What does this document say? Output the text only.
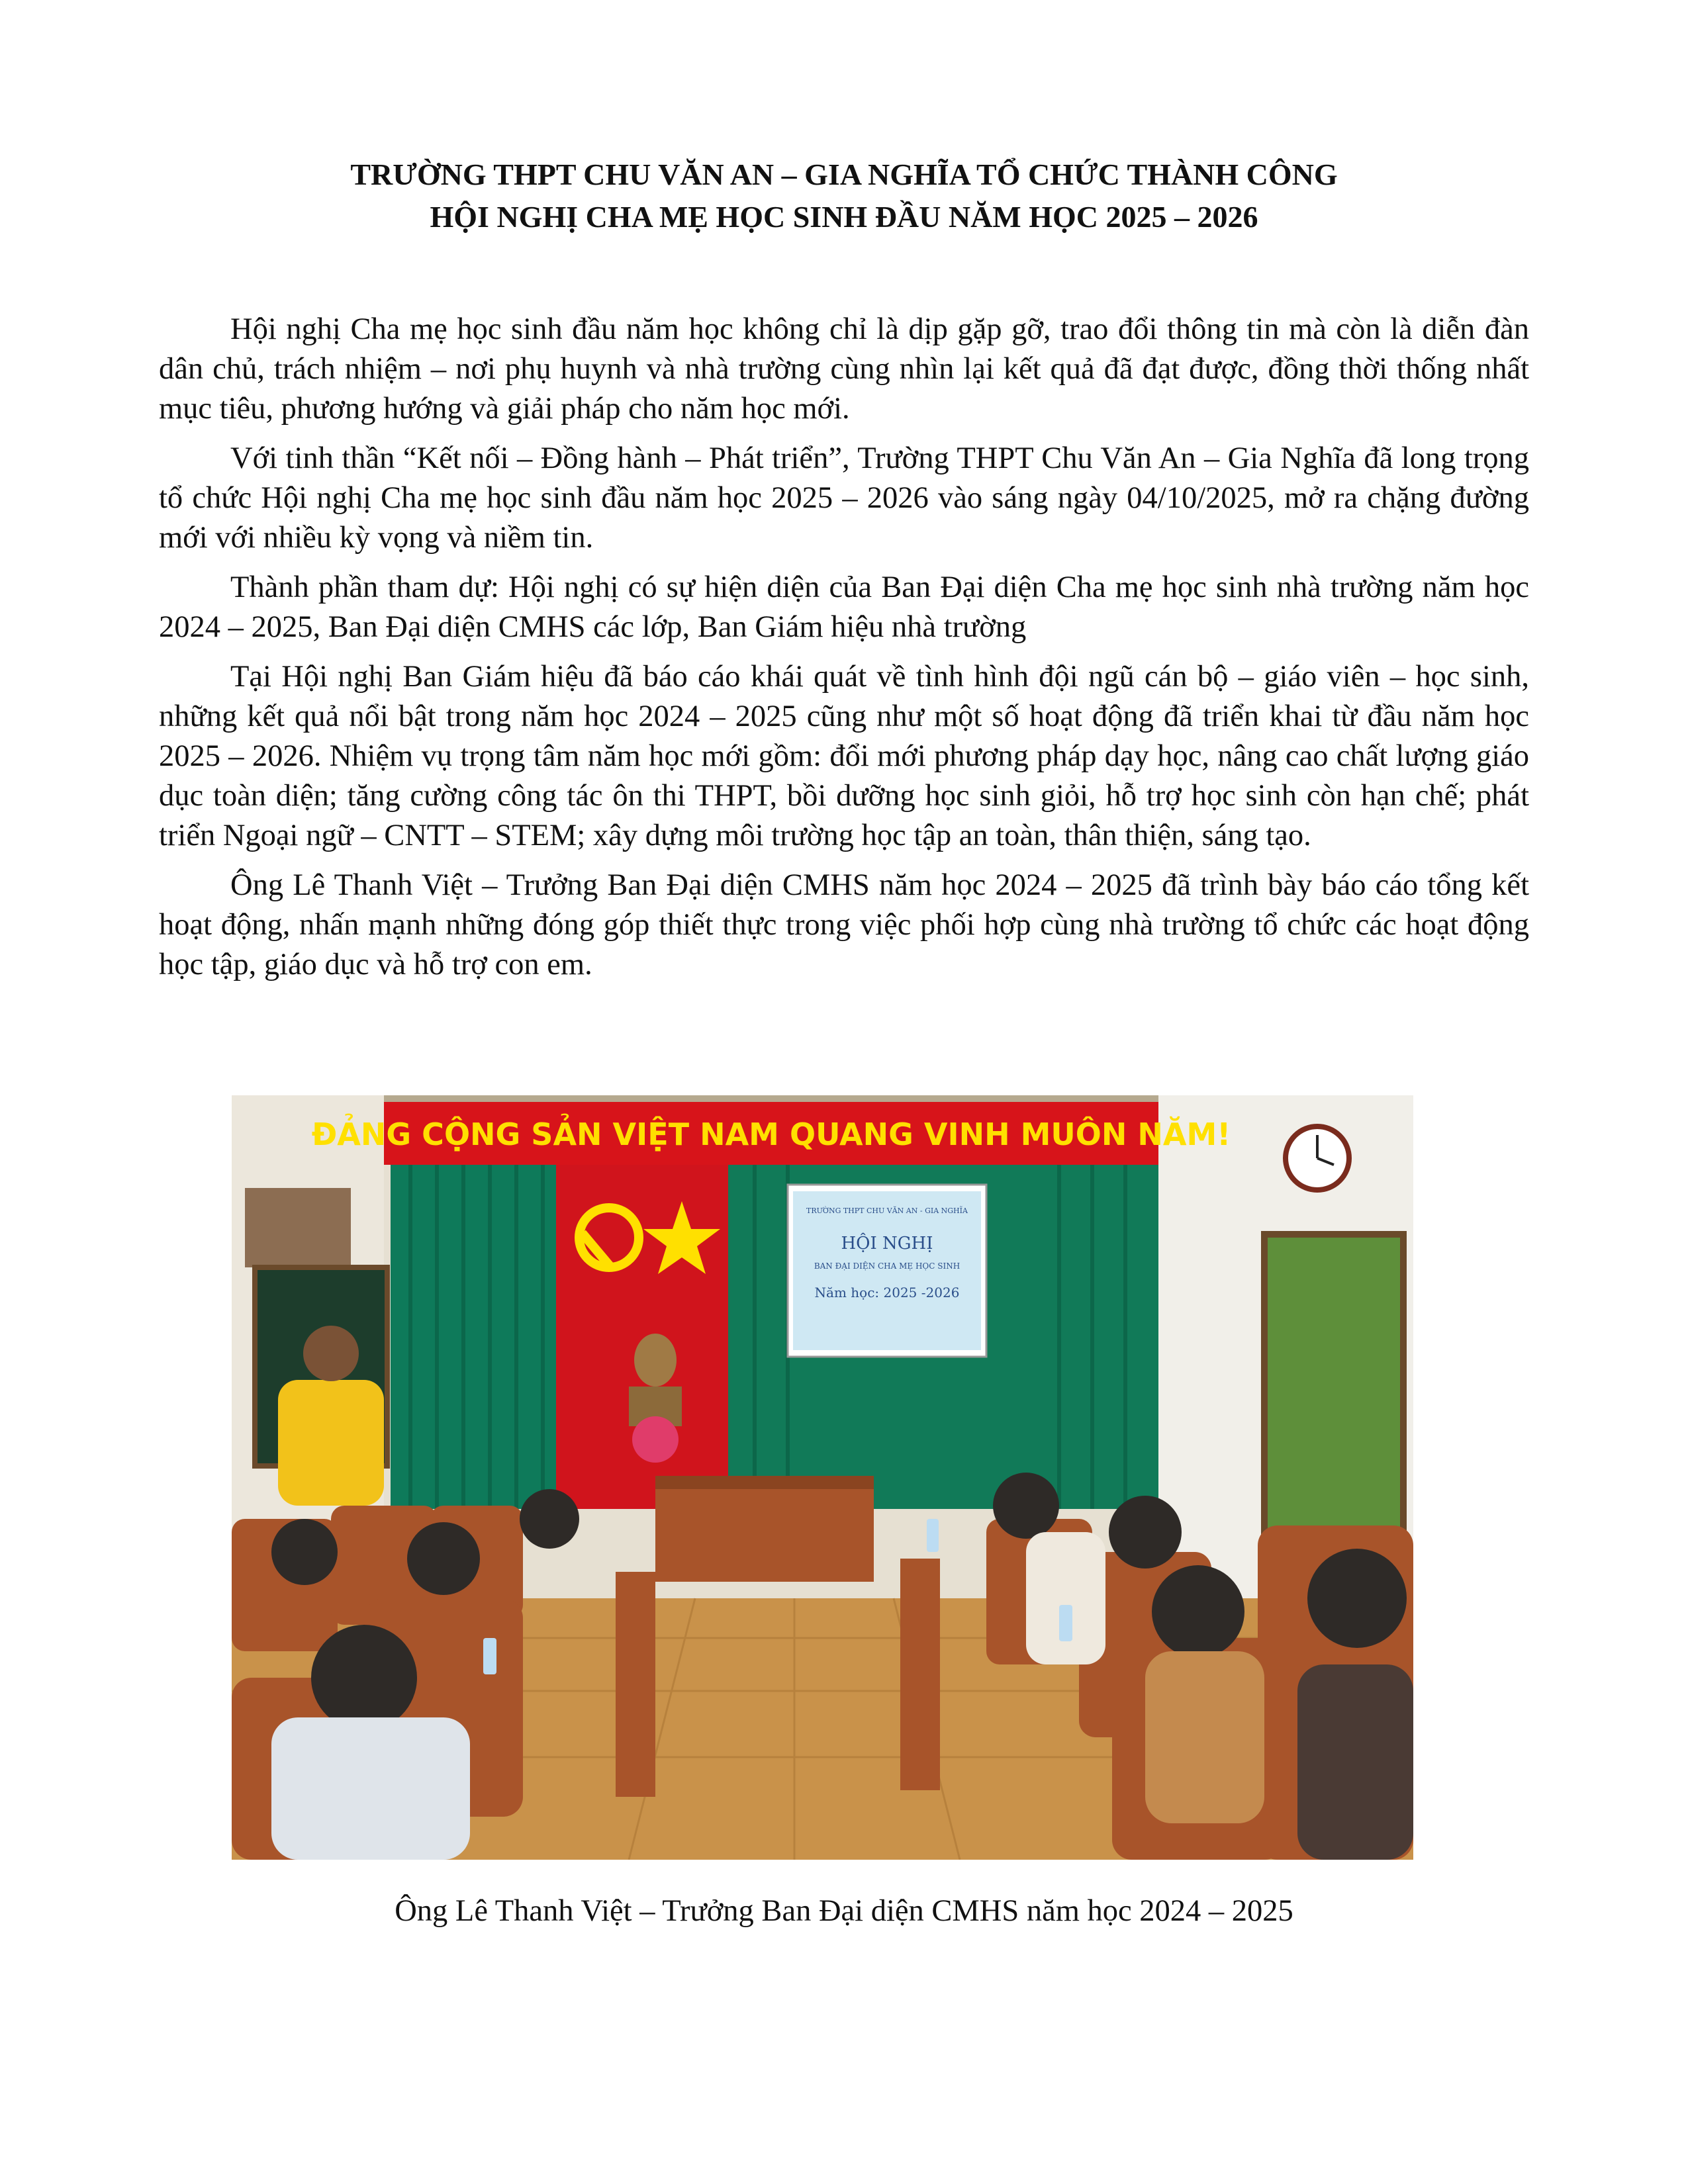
TRƯỜNG THPT CHU VĂN AN – GIA NGHĨA TỔ CHỨC THÀNH CÔNG
HỘI NGHỊ CHA MẸ HỌC SINH ĐẦU NĂM HỌC 2025 – 2026

Hội nghị Cha mẹ học sinh đầu năm học không chỉ là dịp gặp gỡ, trao đổi thông tin mà còn là diễn đàn dân chủ, trách nhiệm – nơi phụ huynh và nhà trường cùng nhìn lại kết quả đã đạt được, đồng thời thống nhất mục tiêu, phương hướng và giải pháp cho năm học mới.

Với tinh thần “Kết nối – Đồng hành – Phát triển”, Trường THPT Chu Văn An – Gia Nghĩa đã long trọng tổ chức Hội nghị Cha mẹ học sinh đầu năm học 2025 – 2026 vào sáng ngày 04/10/2025, mở ra chặng đường mới với nhiều kỳ vọng và niềm tin.

Thành phần tham dự: Hội nghị có sự hiện diện của Ban Đại diện Cha mẹ học sinh nhà trường năm học 2024 – 2025, Ban Đại diện CMHS các lớp, Ban Giám hiệu nhà trường

Tại Hội nghị Ban Giám hiệu đã báo cáo khái quát về tình hình đội ngũ cán bộ – giáo viên – học sinh, những kết quả nổi bật trong năm học 2024 – 2025 cũng như một số hoạt động đã triển khai từ đầu năm học 2025 – 2026. Nhiệm vụ trọng tâm năm học mới gồm: đổi mới phương pháp dạy học, nâng cao chất lượng giáo dục toàn diện; tăng cường công tác ôn thi THPT, bồi dưỡng học sinh giỏi, hỗ trợ học sinh còn hạn chế; phát triển Ngoại ngữ – CNTT – STEM; xây dựng môi trường học tập an toàn, thân thiện, sáng tạo.

Ông Lê Thanh Việt – Trưởng Ban Đại diện CMHS năm học 2024 – 2025 đã trình bày báo cáo tổng kết hoạt động, nhấn mạnh những đóng góp thiết thực trong việc phối hợp cùng nhà trường tổ chức các hoạt động học tập, giáo dục và hỗ trợ con em.

ĐẢNG CỘNG SẢN VIỆT NAM QUANG VINH MUÔN NĂM!
TRƯỜNG THPT CHU VĂN AN - GIA NGHĨA
HỘI NGHỊ
BAN ĐẠI DIỆN CHA MẸ HỌC SINH
Năm học: 2025 -2026
Ông Lê Thanh Việt – Trưởng Ban Đại diện CMHS năm học 2024 – 2025
